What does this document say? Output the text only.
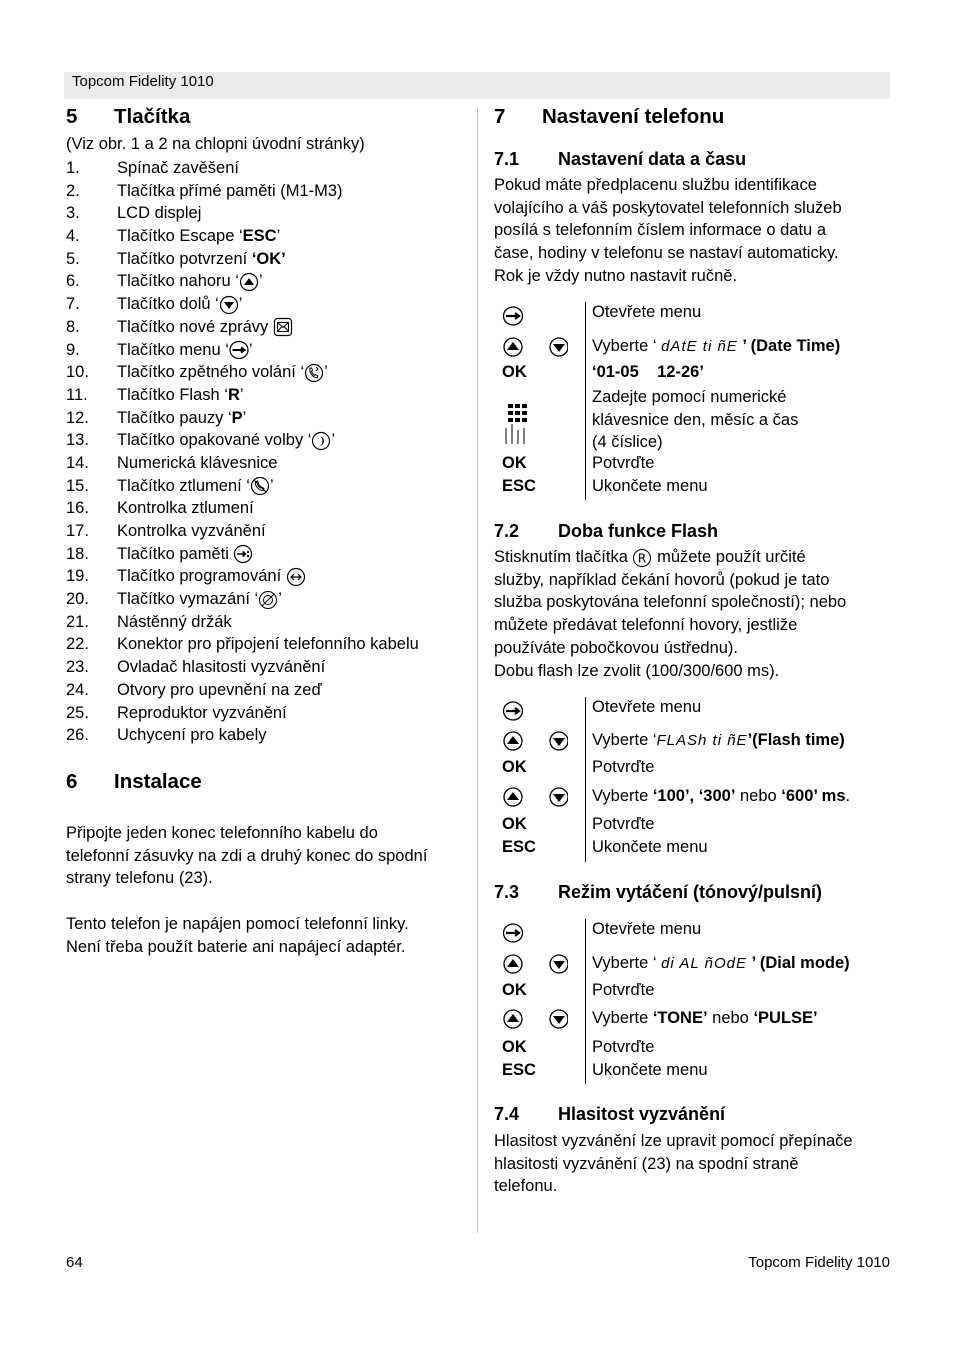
Topcom Fidelity 1010
5 Tlačítka
(Viz obr. 1 a 2 na chlopni úvodní stránky)
1. Spínač zavěšení
2. Tlačítka přímé paměti (M1-M3)
3. LCD displej
4. Tlačítko Escape ‘ESC’
5. Tlačítko potvrzení ‘OK’
6. Tlačítko nahoru ‘ ’
7. Tlačítko dolů ‘ ’
8. Tlačítko nové zprávy
9. Tlačítko menu ‘ ’
10. Tlačítko zpětného volání ‘ ’
11. Tlačítko Flash ‘R’
12. Tlačítko pauzy ‘P’
13. Tlačítko opakované volby ‘ ’
14. Numerická klávesnice
15. Tlačítko ztlumení ‘ ’
16. Kontrolka ztlumení
17. Kontrolka vyzvánění
18. Tlačítko paměti
19. Tlačítko programování
20. Tlačítko vymazání ‘ ’
21. Nástěnný držák
22. Konektor pro připojení telefonního kabelu
23. Ovladač hlasitosti vyzvánění
24. Otvory pro upevnění na zeď
25. Reproduktor vyzvánění
26. Uchycení pro kabely
6 Instalace
Připojte jeden konec telefonního kabelu do
telefonní zásuvky na zdi a druhý konec do spodní
strany telefonu (23).
Tento telefon je napájen pomocí telefonní linky.
Není třeba použít baterie ani napájecí adaptér.
7 Nastavení telefonu
7.1 Nastavení data a času
Pokud máte předplacenu službu identifikace
volajícího a váš poskytovatel telefonních služeb
posílá s telefonním číslem informace o datu a
čase, hodiny v telefonu se nastaví automaticky.
Rok je vždy nutno nastavit ručně.
Otevřete menu
Vyberte ‘ dAtE ti ñE ’ (Date Time)
OK	‘01-05    12-26’
Zadejte pomocí numerické
klávesnice den, měsíc a čas
(4 číslice)
OK	Potvrďte
ESC	Ukončete menu
7.2 Doba funkce Flash
Stisknutím tlačítka R můžete použít určité
služby, například čekání hovorů (pokud je tato
služba poskytována telefonní společností); nebo
můžete předávat telefonní hovory, jestliže
používáte pobočkovou ústřednu).
Dobu flash lze zvolit (100/300/600 ms).
Otevřete menu
Vyberte ‘FLASh ti ñE’(Flash time)
OK	Potvrďte
Vyberte ‘100’, ‘300’ nebo ‘600’ ms.
OK	Potvrďte
ESC	Ukončete menu
7.3 Režim vytáčení (tónový/pulsní)
Otevřete menu
Vyberte ‘ di AL ñOdE ’ (Dial mode)
OK	Potvrďte
Vyberte ‘TONE’ nebo ‘PULSE’
OK	Potvrďte
ESC	Ukončete menu
7.4 Hlasitost vyzvánění
Hlasitost vyzvánění lze upravit pomocí přepínače
hlasitosti vyzvánění (23) na spodní straně
telefonu.
64	Topcom Fidelity 1010
